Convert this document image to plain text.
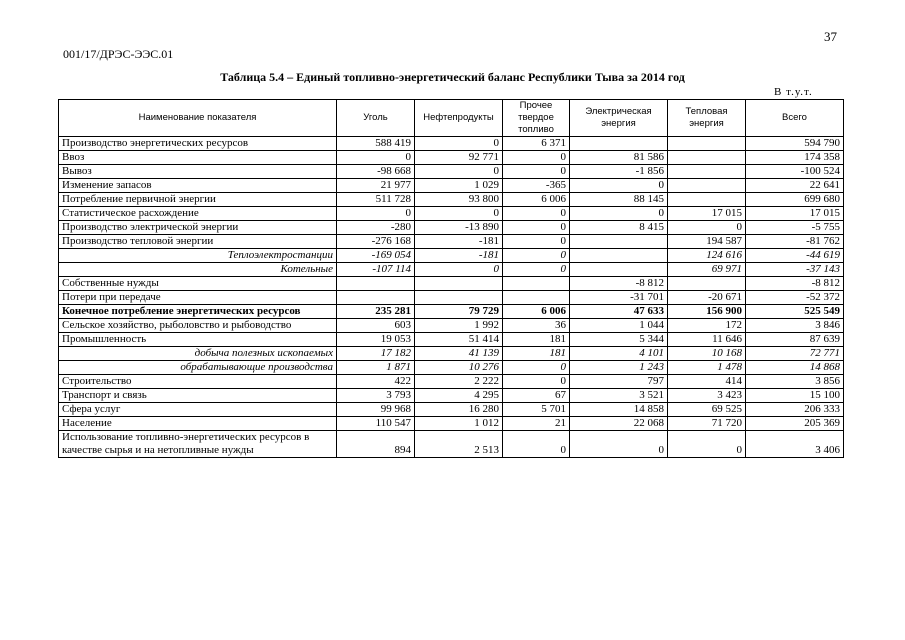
37
001/17/ДРЭС-ЭЭС.01
Таблица 5.4 – Единый топливно-энергетический баланс Республики Тыва за 2014 год
В т.у.т.
Наименование показателя	Уголь	Нефтепродукты	Прочее твердое топливо	Электрическая энергия	Тепловая энергия	Всего
Производство энергетических ресурсов	588 419	0	6 371			594 790
Ввоз	0	92 771	0	81 586		174 358
Вывоз	-98 668	0	0	-1 856		-100 524
Изменение запасов	21 977	1 029	-365	0		22 641
Потребление первичной энергии	511 728	93 800	6 006	88 145		699 680
Статистическое расхождение	0	0	0	0	17 015	17 015
Производство электрической энергии	-280	-13 890	0	8 415	0	-5 755
Производство тепловой энергии	-276 168	-181	0		194 587	-81 762
Теплоэлектростанции	-169 054	-181	0		124 616	-44 619
Котельные	-107 114	0	0		69 971	-37 143
Собственные нужды				-8 812		-8 812
Потери при передаче				-31 701	-20 671	-52 372
Конечное потребление энергетических ресурсов	235 281	79 729	6 006	47 633	156 900	525 549
Сельское хозяйство, рыболовство и рыбоводство	603	1 992	36	1 044	172	3 846
Промышленность	19 053	51 414	181	5 344	11 646	87 639
добыча полезных ископаемых	17 182	41 139	181	4 101	10 168	72 771
обрабатывающие производства	1 871	10 276	0	1 243	1 478	14 868
Строительство	422	2 222	0	797	414	3 856
Транспорт и связь	3 793	4 295	67	3 521	3 423	15 100
Сфера услуг	99 968	16 280	5 701	14 858	69 525	206 333
Население	110 547	1 012	21	22 068	71 720	205 369
Использование топливно-энергетических ресурсов в качестве сырья и на нетопливные нужды	894	2 513	0	0	0	3 406
